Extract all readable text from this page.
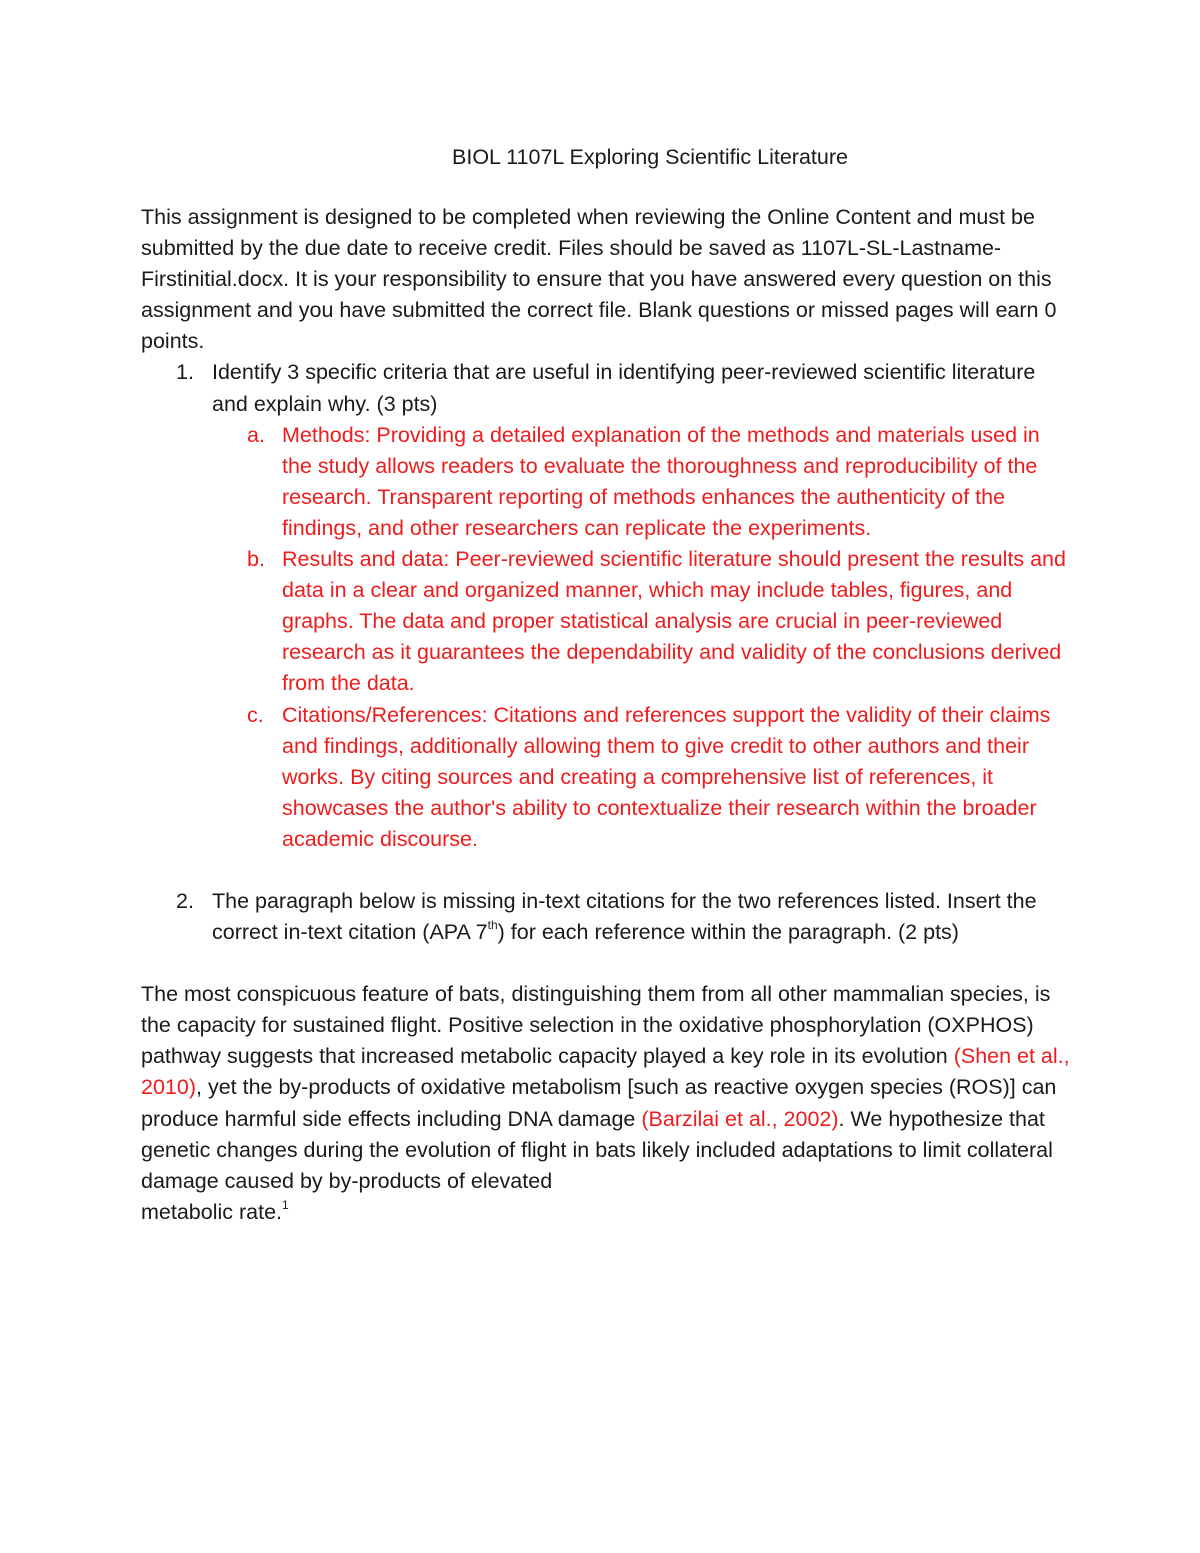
BIOL 1107L Exploring Scientific Literature

This assignment is designed to be completed when reviewing the Online Content and must be submitted by the due date to receive credit. Files should be saved as 1107L-SL-Lastname-Firstinitial.docx. It is your responsibility to ensure that you have answered every question on this assignment and you have submitted the correct file. Blank questions or missed pages will earn 0 points.

1. Identify 3 specific criteria that are useful in identifying peer-reviewed scientific literature and explain why. (3 pts)
a. Methods: Providing a detailed explanation of the methods and materials used in the study allows readers to evaluate the thoroughness and reproducibility of the research. Transparent reporting of methods enhances the authenticity of the findings, and other researchers can replicate the experiments.
b. Results and data: Peer-reviewed scientific literature should present the results and data in a clear and organized manner, which may include tables, figures, and graphs. The data and proper statistical analysis are crucial in peer-reviewed research as it guarantees the dependability and validity of the conclusions derived from the data.
c. Citations/References: Citations and references support the validity of their claims and findings, additionally allowing them to give credit to other authors and their works. By citing sources and creating a comprehensive list of references, it showcases the author's ability to contextualize their research within the broader academic discourse.
2. The paragraph below is missing in-text citations for the two references listed. Insert the correct in-text citation (APA 7th) for each reference within the paragraph. (2 pts)

The most conspicuous feature of bats, distinguishing them from all other mammalian species, is the capacity for sustained flight. Positive selection in the oxidative phosphorylation (OXPHOS) pathway suggests that increased metabolic capacity played a key role in its evolution (Shen et al., 2010), yet the by-products of oxidative metabolism [such as reactive oxygen species (ROS)] can produce harmful side effects including DNA damage (Barzilai et al., 2002). We hypothesize that genetic changes during the evolution of flight in bats likely included adaptations to limit collateral damage caused by by-products of elevated
metabolic rate.$^1$
